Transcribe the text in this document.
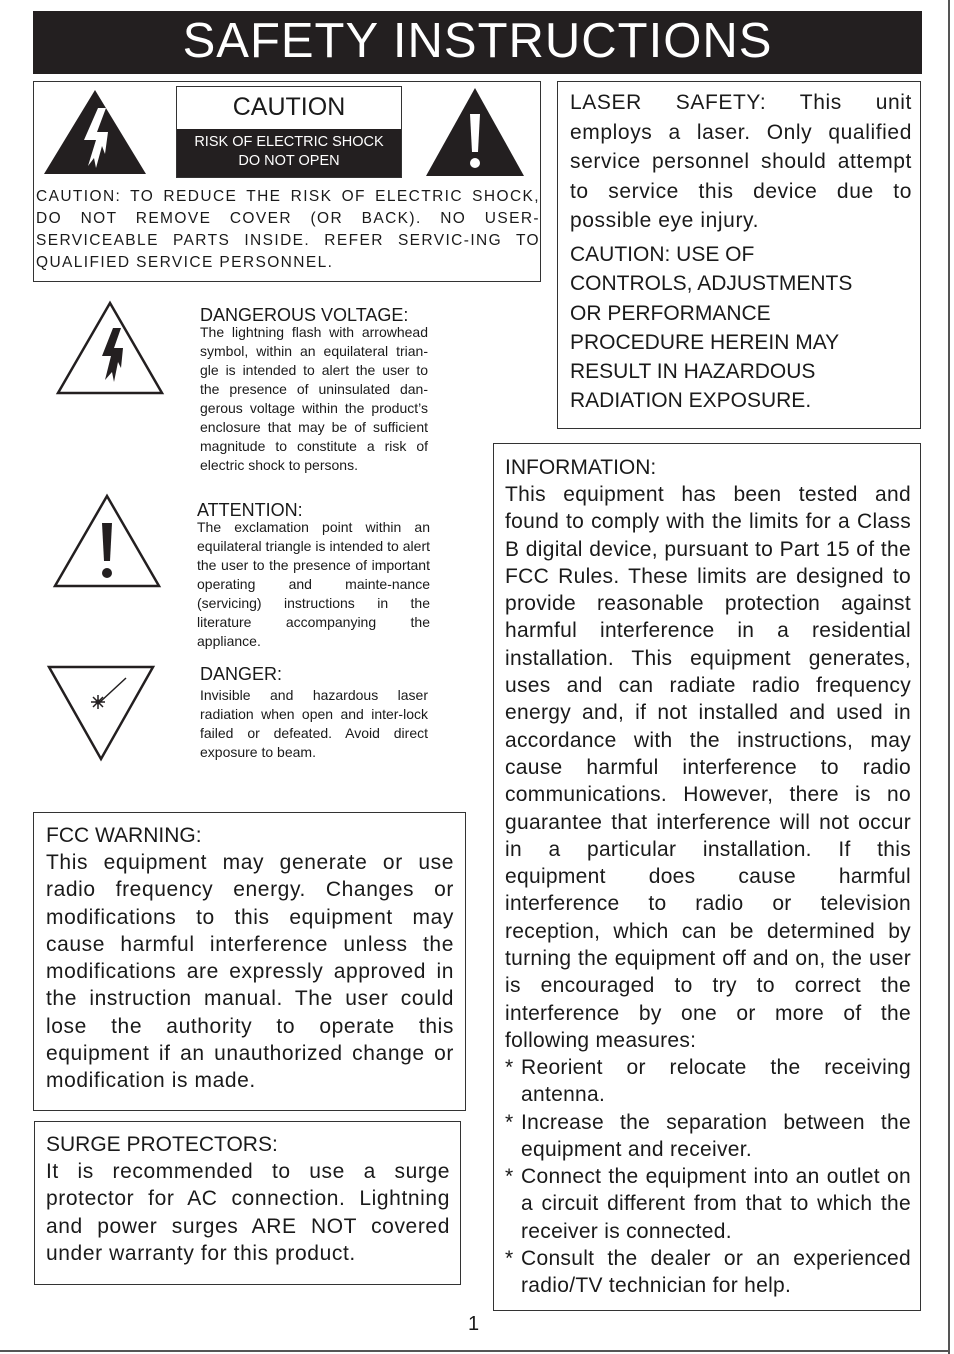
SAFETY INSTRUCTIONS
CAUTION
RISK OF ELECTRIC SHOCK
DO NOT OPEN
CAUTION: TO REDUCE THE RISK OF ELECTRIC SHOCK, DO NOT REMOVE COVER (OR BACK). NO USER-SERVICEABLE PARTS INSIDE. REFER SERVIC-ING TO QUALIFIED SERVICE PERSONNEL.
LASER SAFETY: This unit employs a laser. Only qualified service personnel should attempt to service this device due to possible eye injury.
CAUTION: USE OF
CONTROLS, ADJUSTMENTS
OR PERFORMANCE
PROCEDURE HEREIN MAY
RESULT IN HAZARDOUS
RADIATION EXPOSURE.
DANGEROUS VOLTAGE:
The lightning flash with arrowhead symbol, within an equilateral trian-gle is intended to alert the user to the presence of uninsulated dan-gerous voltage within the product’s enclosure that may be of sufficient magnitude to constitute a risk of electric shock to persons.
ATTENTION:
The exclamation point within an equilateral triangle is intended to alert the user to the presence of important operating and mainte-nance (servicing) instructions in the literature accompanying the appliance.
DANGER:
Invisible and hazardous laser radiation when open and inter-lock failed or defeated. Avoid direct exposure to beam.
INFORMATION:
This equipment has been tested and found to comply with the limits for a Class B digital device, pursuant to Part 15 of the FCC Rules. These limits are designed to provide reasonable protection against harmful interference in a residential installation. This equipment generates, uses and can radiate radio frequency energy and, if not installed and used in accordance with the instructions, may cause harmful interference to radio communications. However, there is no guarantee that interference will not occur in a particular installation. If this equipment does cause harmful interference to radio or television reception, which can be determined by turning the equipment off and on, the user is encouraged to try to correct the interference by one or more of the following measures:
* Reorient or relocate the receiving antenna.
* Increase the separation between the equipment and receiver.
* Connect the equipment into an outlet on a circuit different from that to which the receiver is connected.
* Consult the dealer or an experienced radio/TV technician for help.
FCC WARNING:
This equipment may generate or use radio frequency energy. Changes or modifications to this equipment may cause harmful interference unless the modifications are expressly approved in the instruction manual. The user could lose the authority to operate this equipment if an unauthorized change or modification is made.
SURGE PROTECTORS:
It is recommended to use a surge protector for AC connection. Lightning and power surges ARE NOT covered under warranty for this product.
1
